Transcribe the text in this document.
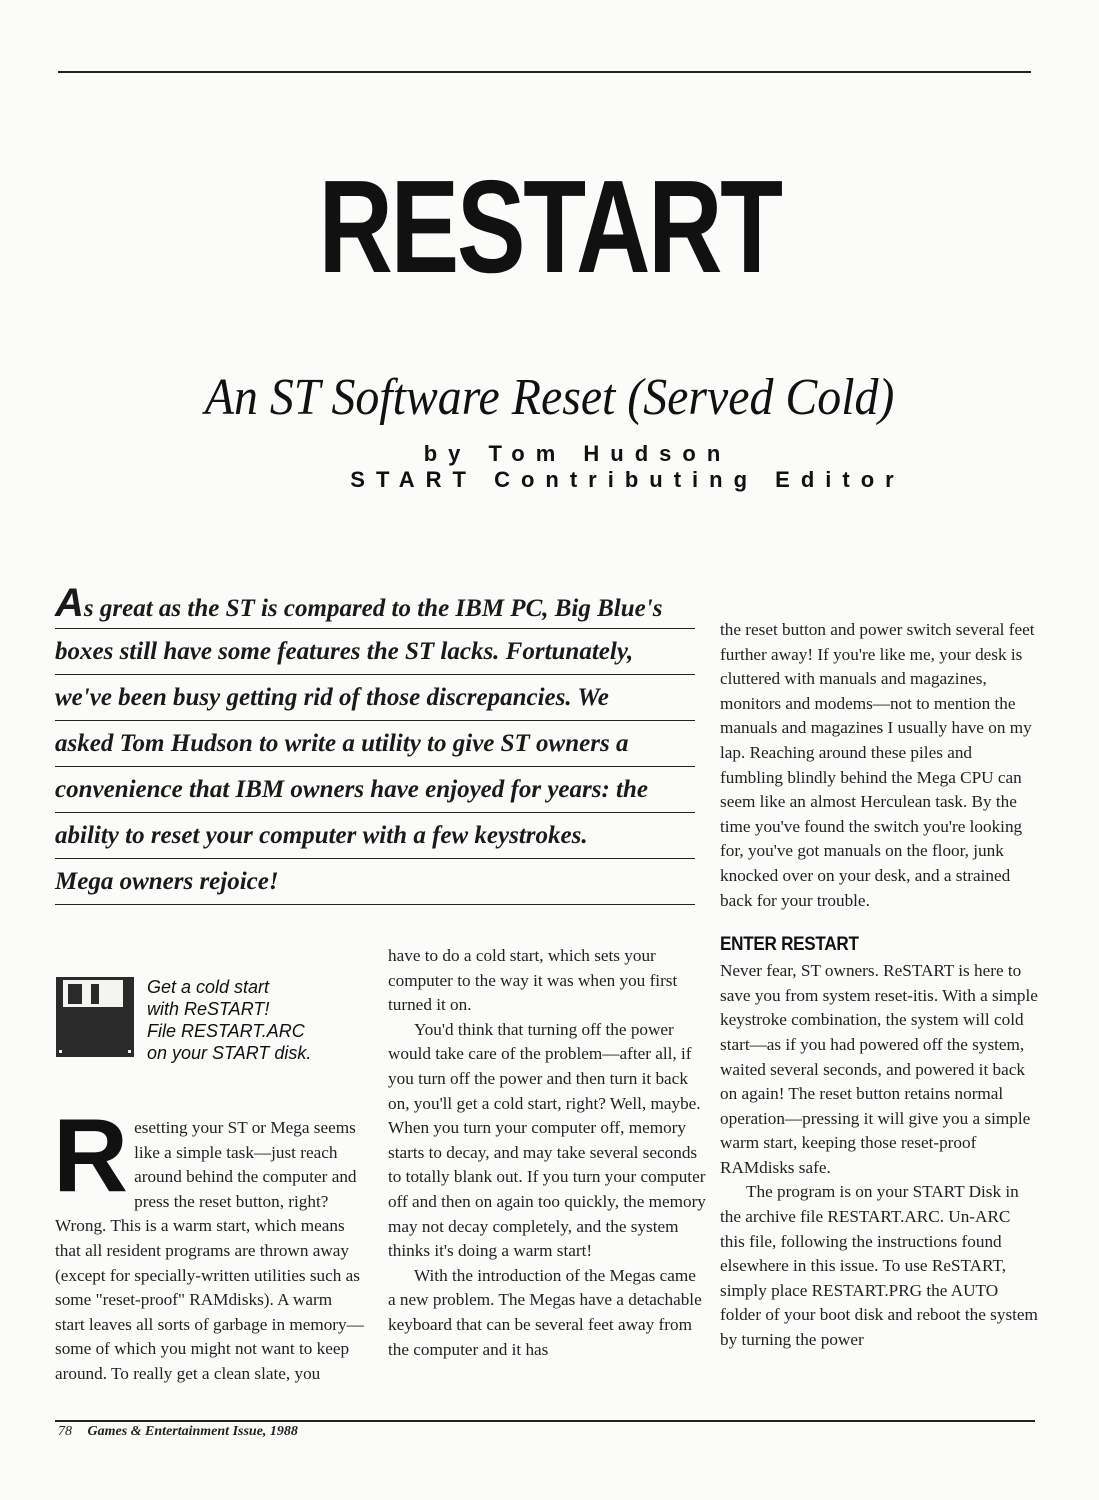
RESTART
An ST Software Reset (Served Cold)
by Tom Hudson
START Contributing Editor
As great as the ST is compared to the IBM PC, Big Blue's
boxes still have some features the ST lacks. Fortunately,
we've been busy getting rid of those discrepancies. We
asked Tom Hudson to write a utility to give ST owners a
convenience that IBM owners have enjoyed for years: the
ability to reset your computer with a few keystrokes.
Mega owners rejoice!
Get a cold start
with ReSTART!
File RESTART.ARC
on your START disk.

Resetting your ST or Mega seems like a simple task—just reach around behind the computer and press the reset button, right? Wrong. This is a warm start, which means that all resident programs are thrown away (except for specially-written utilities such as some "reset-proof" RAMdisks). A warm start leaves all sorts of garbage in memory—some of which you might not want to keep around. To really get a clean slate, you

have to do a cold start, which sets your computer to the way it was when you first turned it on.

You'd think that turning off the power would take care of the problem—after all, if you turn off the power and then turn it back on, you'll get a cold start, right? Well, maybe. When you turn your computer off, memory starts to decay, and may take several seconds to totally blank out. If you turn your computer off and then on again too quickly, the memory may not decay completely, and the system thinks it's doing a warm start!

With the introduction of the Megas came a new problem. The Megas have a detachable keyboard that can be several feet away from the computer and it has

the reset button and power switch several feet further away! If you're like me, your desk is cluttered with manuals and magazines, monitors and modems—not to mention the manuals and magazines I usually have on my lap. Reaching around these piles and fumbling blindly behind the Mega CPU can seem like an almost Herculean task. By the time you've found the switch you're looking for, you've got manuals on the floor, junk knocked over on your desk, and a strained back for your trouble.

ENTER RESTART

Never fear, ST owners. ReSTART is here to save you from system reset-itis. With a simple keystroke combination, the system will cold start—as if you had powered off the system, waited several seconds, and powered it back on again! The reset button retains normal operation—pressing it will give you a simple warm start, keeping those reset-proof RAMdisks safe.

The program is on your START Disk in the archive file RESTART.ARC. Un-ARC this file, following the instructions found elsewhere in this issue. To use ReSTART, simply place RESTART.PRG the AUTO folder of your boot disk and reboot the system by turning the power

78 Games & Entertainment Issue, 1988
